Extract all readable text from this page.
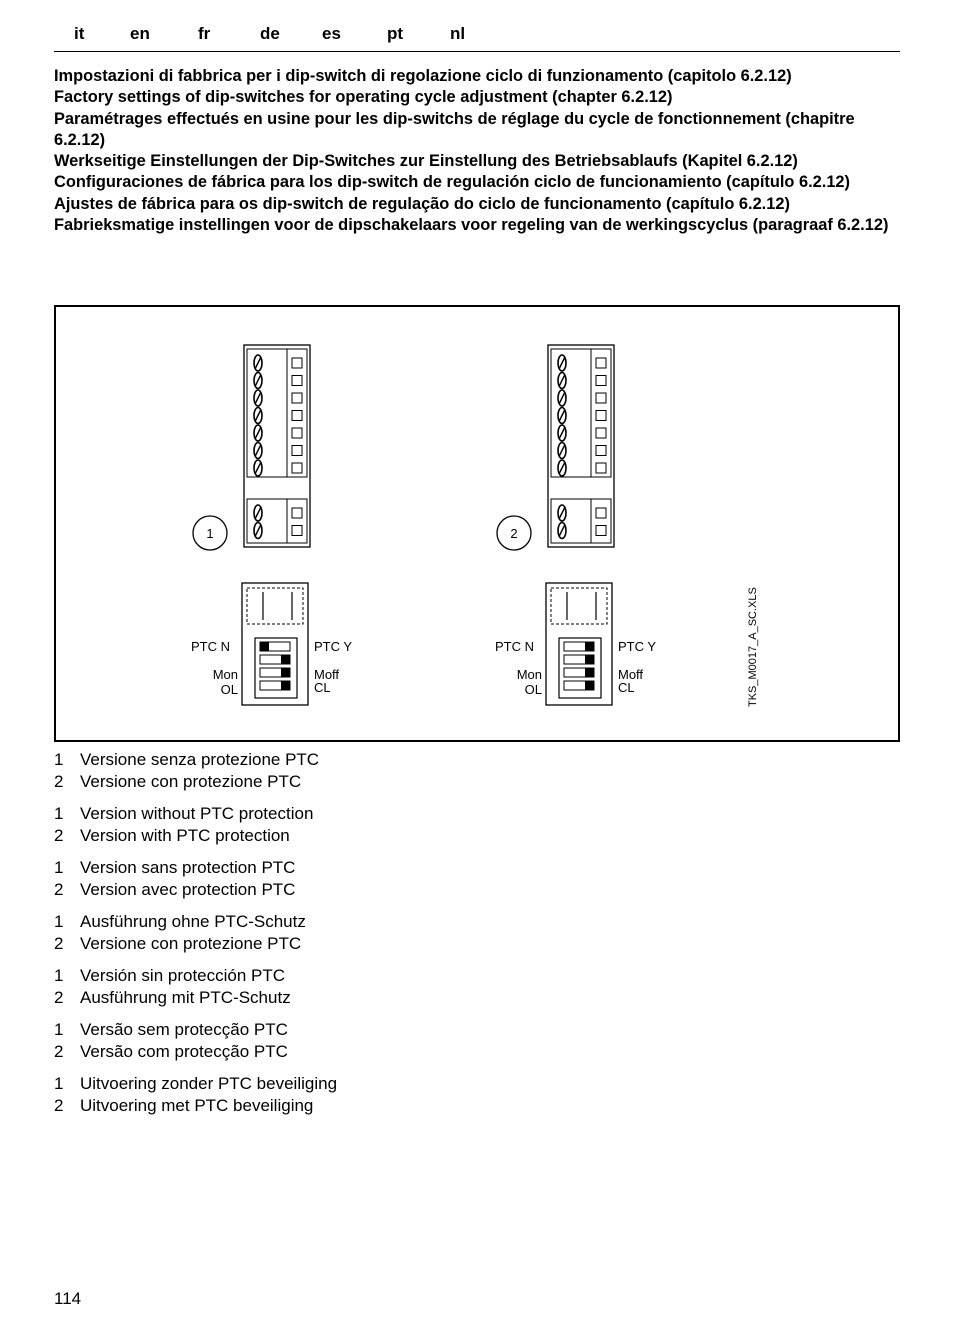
it	en	fr	de es	pt	nl

Impostazioni di fabbrica per i dip-switch di regolazione ciclo di funzionamento (capitolo 6.2.12)

Factory settings of dip-switches for operating cycle adjustment (chapter 6.2.12)

Paramétrages effectués en usine pour les dip-switchs de réglage du cycle de fonctionnement (chapitre 6.2.12)

Werkseitige Einstellungen der Dip-Switches zur Einstellung des Betriebsablaufs (Kapitel 6.2.12)

Configuraciones de fábrica para los dip-switch de regulación ciclo de funcionamiento (capítulo 6.2.12)

Ajustes de fábrica para os dip-switch de regulação do ciclo de funcionamento (capítulo 6.2.12)

Fabrieksmatige instellingen voor de dipschakelaars voor regeling van de werkingscyclus (paragraaf 6.2.12)

1
PTC N	PTC Y
Mon
OL
Moff
CL
2
PTC N	PTC Y
Mon
OL
Moff
CL	TKS_M0017_A_SC.XLS
1 Versione senza protezione PTC
2 Versione con protezione PTC
1 Version without PTC protection
2 Version with PTC protection
1 Version sans protection PTC
2 Version avec protection PTC
1 Ausführung ohne PTC-Schutz
2 Versione con protezione PTC
1 Versión sin protección PTC
2 Ausführung mit PTC-Schutz
1 Versão sem protecção PTC
2 Versão com protecção PTC
1 Uitvoering zonder PTC beveiliging
2 Uitvoering met PTC beveiliging
114
